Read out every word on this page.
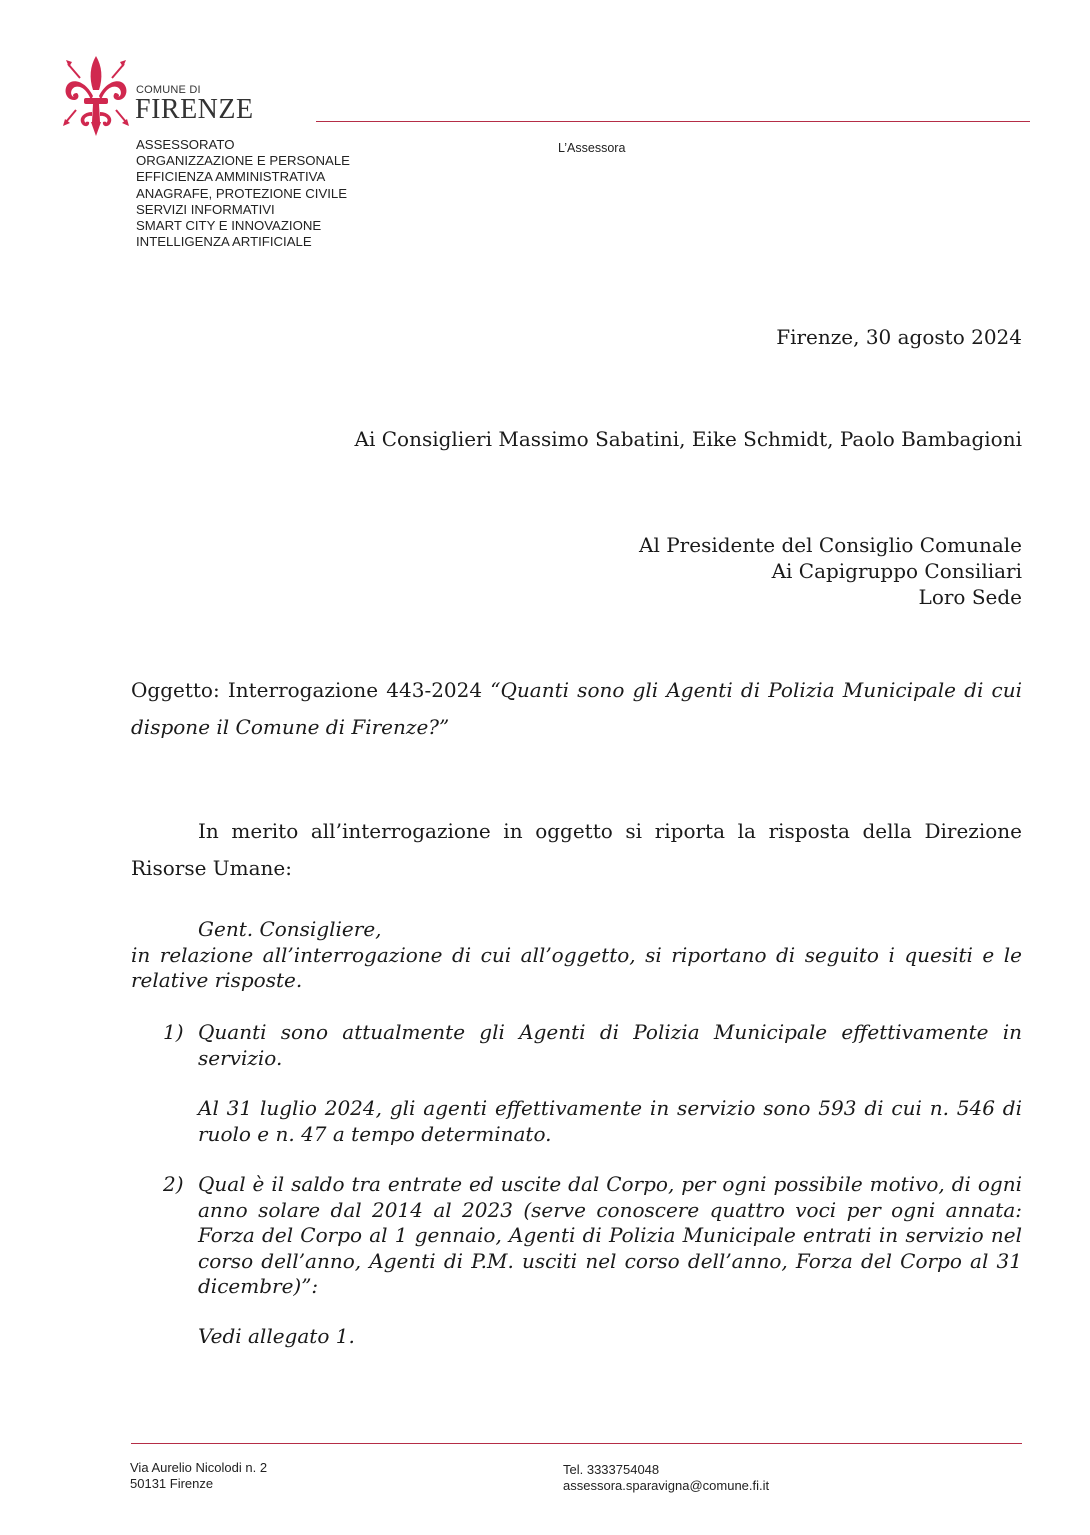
COMUNE DI
FIRENZE
ASSESSORATO
ORGANIZZAZIONE E PERSONALE
EFFICIENZA AMMINISTRATIVA
ANAGRAFE, PROTEZIONE CIVILE
SERVIZI INFORMATIVI
SMART CITY E INNOVAZIONE
INTELLIGENZA ARTIFICIALE
L’Assessora
Firenze, 30 agosto 2024
Ai Consiglieri Massimo Sabatini, Eike Schmidt, Paolo Bambagioni
Al Presidente del Consiglio Comunale
Ai Capigruppo Consiliari
Loro Sede
Oggetto: Interrogazione 443-2024 “Quanti sono gli Agenti di Polizia Municipale di cui dispone il Comune di Firenze?”
In merito all’interrogazione in oggetto si riporta la risposta della Direzione Risorse Umane:
Gent. Consigliere,
in relazione all’interrogazione di cui all’oggetto, si riportano di seguito i quesiti e le relative risposte.
1) Quanti sono attualmente gli Agenti di Polizia Municipale effettivamente in servizio.
Al 31 luglio 2024, gli agenti effettivamente in servizio sono 593 di cui n. 546 di ruolo e n. 47 a tempo determinato.
2) Qual è il saldo tra entrate ed uscite dal Corpo, per ogni possibile motivo, di ogni anno solare dal 2014 al 2023 (serve conoscere quattro voci per ogni annata: Forza del Corpo al 1 gennaio, Agenti di Polizia Municipale entrati in servizio nel corso dell’anno, Agenti di P.M. usciti nel corso dell’anno, Forza del Corpo al 31 dicembre)”:
Vedi allegato 1.
Via Aurelio Nicolodi n. 2
50131 Firenze
Tel. 3333754048
assessora.sparavigna@comune.fi.it
